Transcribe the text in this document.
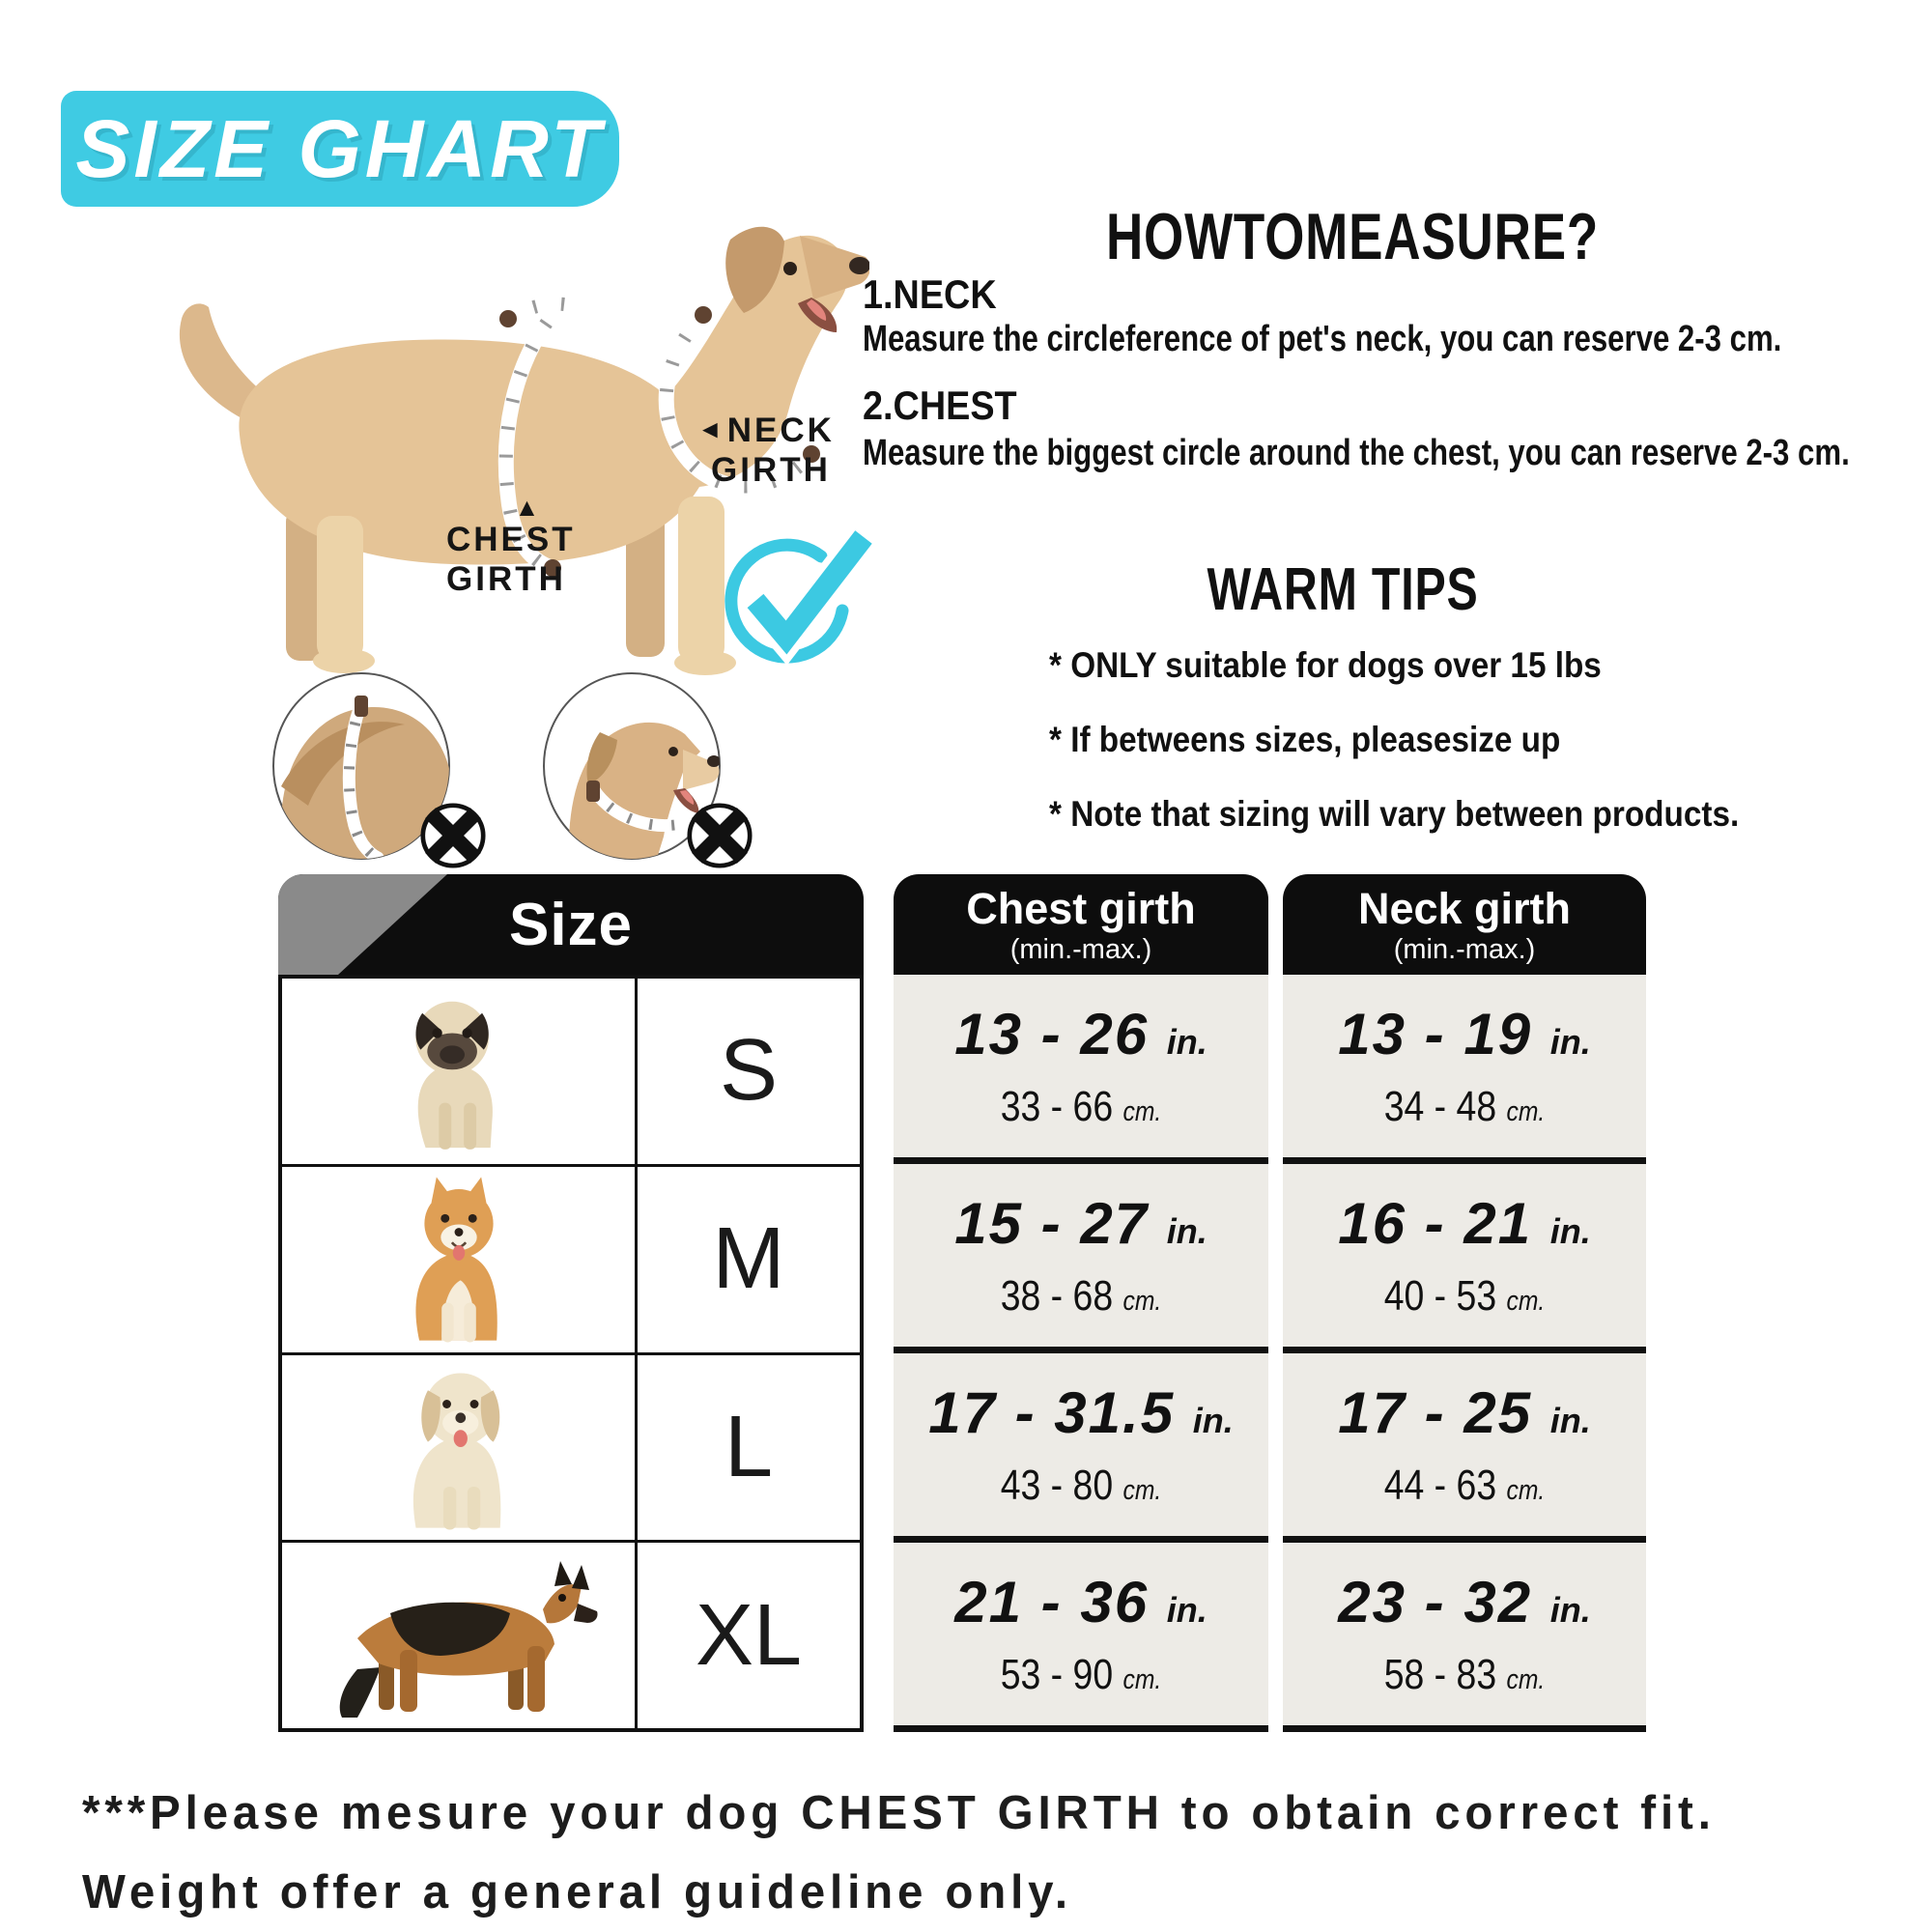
SIZE GHART
◄NECK
GIRTH
▲
CHEST
GIRTH
HOWTOMEASURE?
1.NECK
Measure the circleference of pet's neck, you can reserve 2-3 cm.
2.CHEST
Measure the biggest circle around the chest, you can reserve 2-3 cm.
WARM TIPS
* ONLY suitable for dogs over 15 lbs
* If betweens sizes, pleasesize up
* Note that sizing will vary between products.
Size
S
M
L
XL
Chest girth
(min.-max.)
13 - 26 in.
33 - 66 cm.
15 - 27 in.
38 - 68 cm.
17 - 31.5 in.
43 - 80 cm.
21 - 36 in.
53 - 90 cm.
Neck girth
(min.-max.)
13 - 19 in.
34 - 48 cm.
16 - 21 in.
40 - 53 cm.
17 - 25 in.
44 - 63 cm.
23 - 32 in.
58 - 83 cm.
***Please mesure your dog CHEST GIRTH to obtain correct fit.
Weight offer a general guideline only.
